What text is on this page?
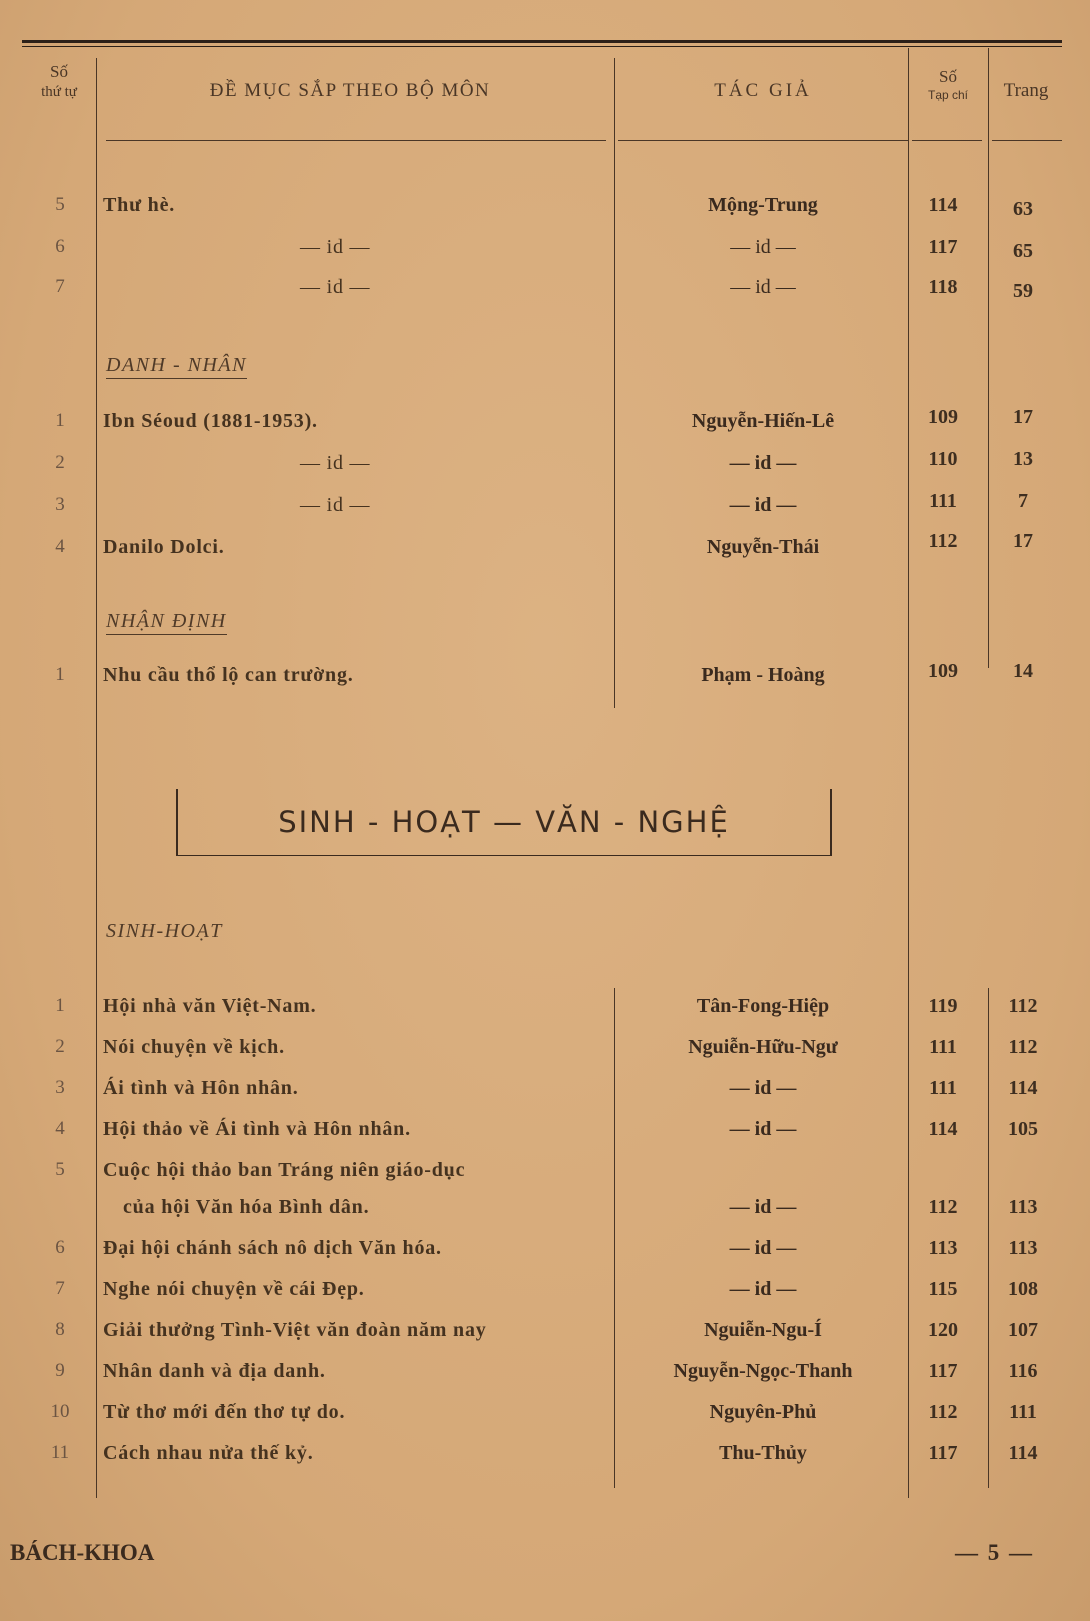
Số
thứ tự	ĐỀ MỤC SẮP THEO BỘ MÔN	TÁC GIẢ
Số
Tạp chí	Trang
5	Thư hè.	Mộng-Trung	114	63
6	— id —	— id —	117	65
7	— id —	— id —	118	59
DANH - NHÂN
1	Ibn Séoud (1881-1953).	Nguyễn-Hiến-Lê	109	17
2	— id —	— id —	110	13
3	— id —	— id —	111	7
4	Danilo Dolci.	Nguyễn-Thái	112	17
NHẬN ĐỊNH
1	Nhu cầu thổ lộ can trường.	Phạm - Hoàng	109	14
SINH - HOẠT — VĂN - NGHỆ
SINH-HOẠT
1	Hội nhà văn Việt-Nam.	Tân-Fong-Hiệp	119	112
2	Nói chuyện về kịch.	Nguiễn-Hữu-Ngư	111	112
3	Ái tình và Hôn nhân.	— id —	111	114
4	Hội thảo về Ái tình và Hôn nhân.	— id —	114	105
5	Cuộc hội thảo ban Tráng niên giáo-dục
của hội Văn hóa Bình dân.	— id —	112	113
6	Đại hội chánh sách nô dịch Văn hóa.	— id —	113	113
7	Nghe nói chuyện về cái Đẹp.	— id —	115	108
8	Giải thưởng Tình-Việt văn đoàn năm nay	Nguiễn-Ngu-Í	120	107
9	Nhân danh và địa danh.	Nguyễn-Ngọc-Thanh	117	116
10	Từ thơ mới đến thơ tự do.	Nguyên-Phủ	112	111
11	Cách nhau nửa thế kỷ.	Thu-Thủy	117	114
BÁCH-KHOA	— 5 —
